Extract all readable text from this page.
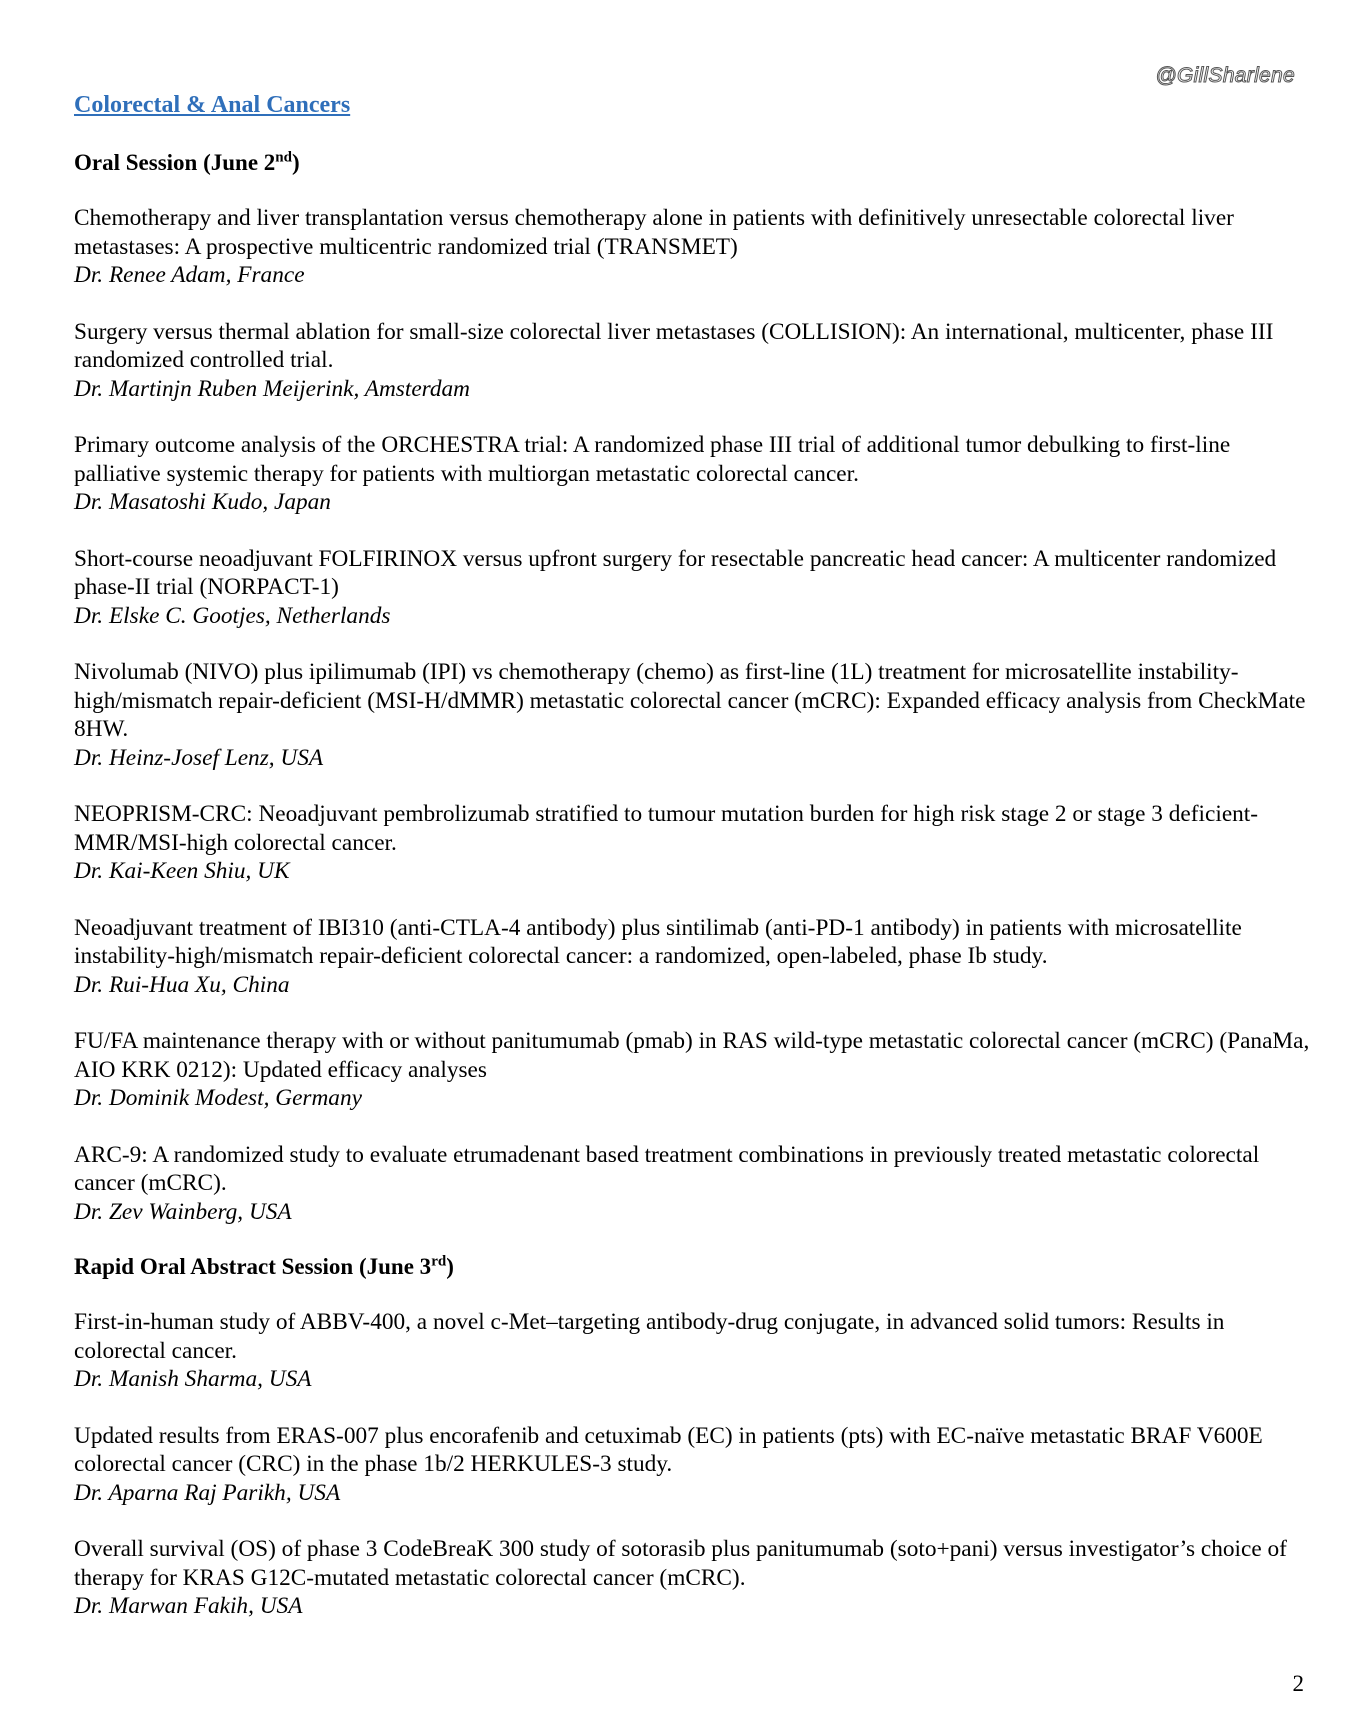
@GillSharlene
Colorectal & Anal Cancers

Oral Session (June 2nd)

Chemotherapy and liver transplantation versus chemotherapy alone in patients with definitively unresectable colorectal liver metastases: A prospective multicentric randomized trial (TRANSMET)

Dr. Renee Adam, France

Surgery versus thermal ablation for small-size colorectal liver metastases (COLLISION): An international, multicenter, phase III randomized controlled trial.

Dr. Martinjn Ruben Meijerink, Amsterdam

Primary outcome analysis of the ORCHESTRA trial: A randomized phase III trial of additional tumor debulking to first-line palliative systemic therapy for patients with multiorgan metastatic colorectal cancer.

Dr. Masatoshi Kudo, Japan

Short-course neoadjuvant FOLFIRINOX versus upfront surgery for resectable pancreatic head cancer: A multicenter randomized phase-II trial (NORPACT-1)

Dr. Elske C. Gootjes, Netherlands

Nivolumab (NIVO) plus ipilimumab (IPI) vs chemotherapy (chemo) as first-line (1L) treatment for microsatellite instability-high/mismatch repair-deficient (MSI-H/dMMR) metastatic colorectal cancer (mCRC): Expanded efficacy analysis from CheckMate 8HW.

Dr. Heinz-Josef Lenz, USA

NEOPRISM-CRC: Neoadjuvant pembrolizumab stratified to tumour mutation burden for high risk stage 2 or stage 3 deficient-MMR/MSI-high colorectal cancer.

Dr. Kai-Keen Shiu, UK

Neoadjuvant treatment of IBI310 (anti-CTLA-4 antibody) plus sintilimab (anti-PD-1 antibody) in patients with microsatellite instability-high/mismatch repair-deficient colorectal cancer: a randomized, open-labeled, phase Ib study.

Dr. Rui-Hua Xu, China

FU/FA maintenance therapy with or without panitumumab (pmab) in RAS wild-type metastatic colorectal cancer (mCRC) (PanaMa, AIO KRK 0212): Updated efficacy analyses

Dr. Dominik Modest, Germany

ARC-9: A randomized study to evaluate etrumadenant based treatment combinations in previously treated metastatic colorectal cancer (mCRC).

Dr. Zev Wainberg, USA

Rapid Oral Abstract Session (June 3rd)

First-in-human study of ABBV-400, a novel c-Met–targeting antibody-drug conjugate, in advanced solid tumors: Results in colorectal cancer.

Dr. Manish Sharma, USA

Updated results from ERAS-007 plus encorafenib and cetuximab (EC) in patients (pts) with EC-naïve metastatic BRAF V600E colorectal cancer (CRC) in the phase 1b/2 HERKULES-3 study.

Dr. Aparna Raj Parikh, USA

Overall survival (OS) of phase 3 CodeBreaK 300 study of sotorasib plus panitumumab (soto+pani) versus investigator’s choice of therapy for KRAS G12C-mutated metastatic colorectal cancer (mCRC).

Dr. Marwan Fakih, USA

2
